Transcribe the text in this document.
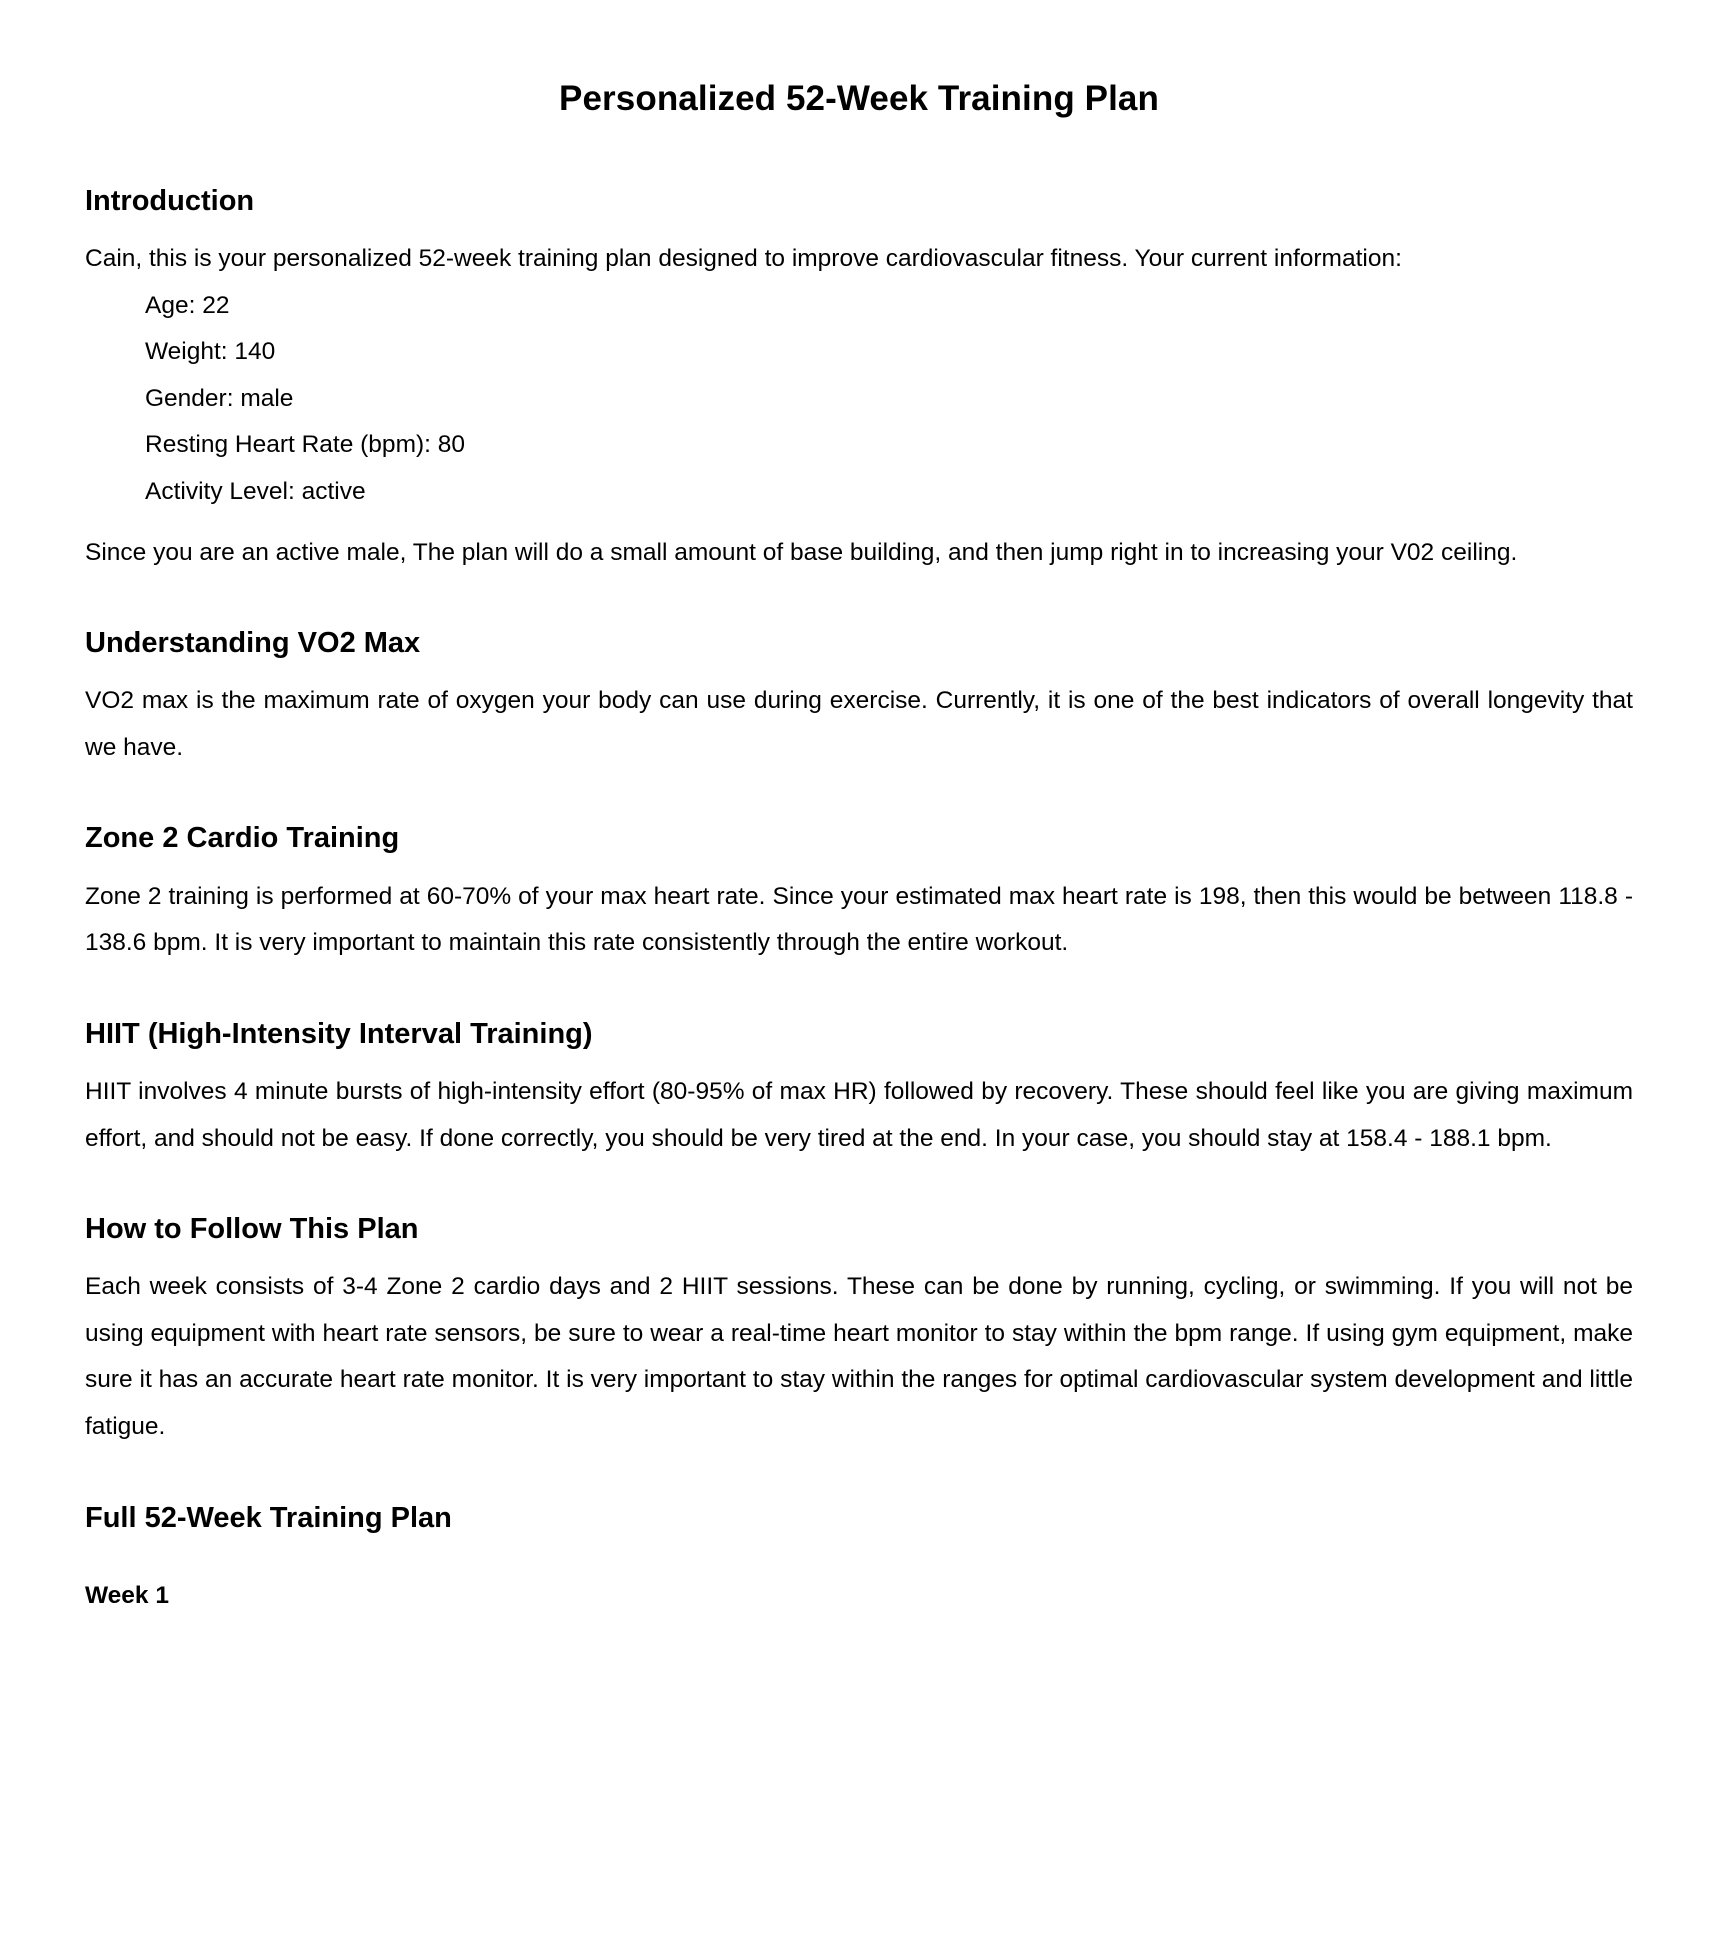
Personalized 52-Week Training Plan
Introduction

Cain, this is your personalized 52-week training plan designed to improve cardiovascular fitness. Your current information:

Age: 22
Weight: 140
Gender: male
Resting Heart Rate (bpm): 80
Activity Level: active

Since you are an active male, The plan will do a small amount of base building, and then jump right in to increasing your V02 ceiling.

Understanding VO2 Max

VO2 max is the maximum rate of oxygen your body can use during exercise. Currently, it is one of the best indicators of overall longevity that we have.

Zone 2 Cardio Training

Zone 2 training is performed at 60-70% of your max heart rate. Since your estimated max heart rate is 198, then this would be between 118.8 - 138.6 bpm. It is very important to maintain this rate consistently through the entire workout.

HIIT (High-Intensity Interval Training)

HIIT involves 4 minute bursts of high-intensity effort (80-95% of max HR) followed by recovery. These should feel like you are giving maximum effort, and should not be easy. If done correctly, you should be very tired at the end. In your case, you should stay at 158.4 - 188.1 bpm.

How to Follow This Plan

Each week consists of 3-4 Zone 2 cardio days and 2 HIIT sessions. These can be done by running, cycling, or swimming. If you will not be using equipment with heart rate sensors, be sure to wear a real-time heart monitor to stay within the bpm range. If using gym equipment, make sure it has an accurate heart rate monitor. It is very important to stay within the ranges for optimal cardiovascular system development and little fatigue.

Full 52-Week Training Plan
Week 1
